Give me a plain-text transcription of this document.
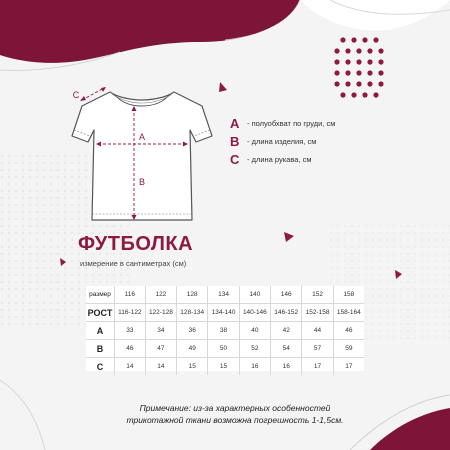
A
B
C
A	- полуобхват по груди, см
B	- длина изделия, см
C	- длина рукава, см
ФУТБОЛКА
измерение в сантиметрах (см)
размер	116	122	128	134	140	146	152	158
РОСТ	116-122	122-128	128-134	134-140	140-146	146-152	152-158	158-164
A	33	34	36	38	40	42	44	46
B	46	47	49	50	52	54	57	59
C	14	14	15	15	16	16	17	17
Примечание: из-за характерных особенностей
трикотажной ткани возможна погрешность 1-1,5см.
